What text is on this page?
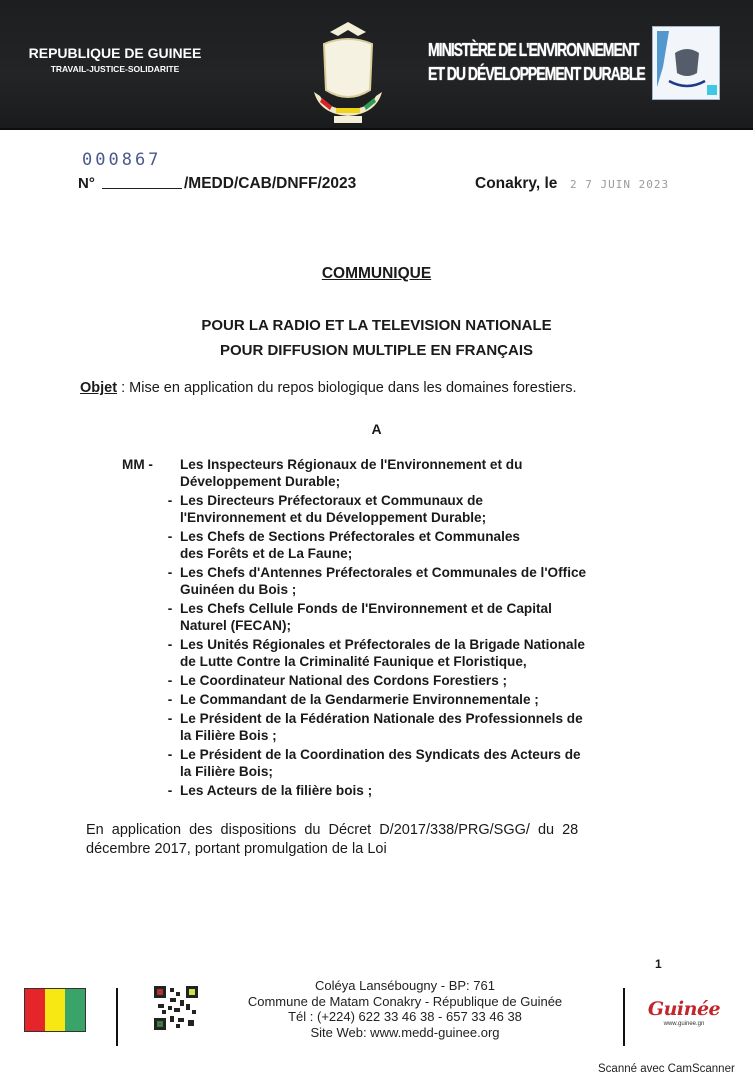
REPUBLIQUE DE GUINEE
TRAVAIL-JUSTICE-SOLIDARITE
MINISTÈRE DE L'ENVIRONNEMENT
ET DU DÉVELOPPEMENT DURABLE
000867
N°	/MEDD/CAB/DNFF/2023	Conakry, le 2 7 JUIN 2023
COMMUNIQUE
POUR LA RADIO ET LA TELEVISION NATIONALE
POUR DIFFUSION MULTIPLE EN FRANÇAIS
Objet : Mise en application du repos biologique dans les domaines forestiers.
A
MM - Les Inspecteurs Régionaux de l'Environnement et du
Développement Durable;
- Les Directeurs Préfectoraux et Communaux de
l'Environnement et du Développement Durable;
- Les Chefs de Sections Préfectorales et Communales
des Forêts et de La Faune;
- Les Chefs d'Antennes Préfectorales et Communales de l'Office
Guinéen du Bois ;
- Les Chefs Cellule Fonds de l'Environnement et de Capital
Naturel (FECAN);
- Les Unités Régionales et Préfectorales de la Brigade Nationale
de Lutte Contre la Criminalité Faunique et Floristique,
- Le Coordinateur National des Cordons Forestiers ;
- Le Commandant de la Gendarmerie Environnementale ;
- Le Président de la Fédération Nationale des Professionnels de
la Filière Bois ;
- Le Président de la Coordination des Syndicats des Acteurs de
la Filière Bois;
- Les Acteurs de la filière bois ;
En application des dispositions du Décret D/2017/338/PRG/SGG/ du 28
décembre 2017, portant promulgation de la Loi
1
Coléya Lansébougny - BP: 761
Commune de Matam Conakry - République de Guinée
Tél : (+224) 622 33 46 38 - 657 33 46 38
Site Web: www.medd-guinee.org
Guinée
www.guinee.gn
Scanné avec CamScanner
